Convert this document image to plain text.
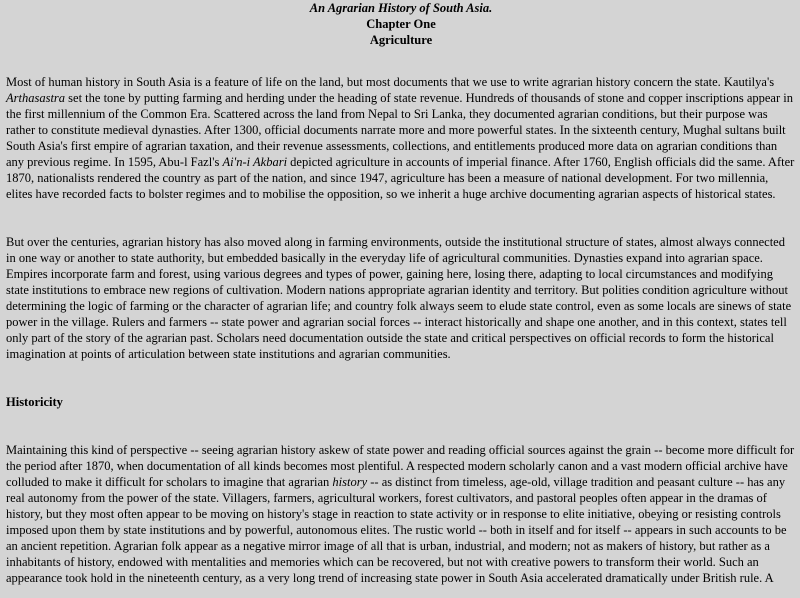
An Agrarian History of South Asia.
Chapter One
Agriculture

Most of human history in South Asia is a feature of life on the land, but most documents that we use to write agrarian history concern the state. Kautilya's Arthasastra set the tone by putting farming and herding under the heading of state revenue. Hundreds of thousands of stone and copper inscriptions appear in the first millennium of the Common Era. Scattered across the land from Nepal to Sri Lanka, they documented agrarian conditions, but their purpose was rather to constitute medieval dynasties. After 1300, official documents narrate more and more powerful states. In the sixteenth century, Mughal sultans built South Asia's first empire of agrarian taxation, and their revenue assessments, collections, and entitlements produced more data on agrarian conditions than any previous regime. In 1595, Abu-l Fazl's Ai'n-i Akbari depicted agriculture in accounts of imperial finance. After 1760, English officials did the same. After 1870, nationalists rendered the country as part of the nation, and since 1947, agriculture has been a measure of national development. For two millennia, elites have recorded facts to bolster regimes and to mobilise the opposition, so we inherit a huge archive documenting agrarian aspects of historical states.

But over the centuries, agrarian history has also moved along in farming environments, outside the institutional structure of states, almost always connected in one way or another to state authority, but embedded basically in the everyday life of agricultural communities. Dynasties expand into agrarian space. Empires incorporate farm and forest, using various degrees and types of power, gaining here, losing there, adapting to local circumstances and modifying state institutions to embrace new regions of cultivation. Modern nations appropriate agrarian identity and territory. But polities condition agriculture without determining the logic of farming or the character of agrarian life; and country folk always seem to elude state control, even as some locals are sinews of state power in the village. Rulers and farmers -- state power and agrarian social forces -- interact historically and shape one another, and in this context, states tell only part of the story of the agrarian past. Scholars need documentation outside the state and critical perspectives on official records to form the historical imagination at points of articulation between state institutions and agrarian communities.

Historicity

Maintaining this kind of perspective -- seeing agrarian history askew of state power and reading official sources against the grain -- become more difficult for the period after 1870, when documentation of all kinds becomes most plentiful. A respected modern scholarly canon and a vast modern official archive have colluded to make it difficult for scholars to imagine that agrarian history -- as distinct from timeless, age-old, village tradition and peasant culture -- has any real autonomy from the power of the state. Villagers, farmers, agricultural workers, forest cultivators, and pastoral peoples often appear in the dramas of history, but they most often appear to be moving on history's stage in reaction to state activity or in response to elite initiative, obeying or resisting controls imposed upon them by state institutions and by powerful, autonomous elites. The rustic world -- both in itself and for itself -- appears in such accounts to be an ancient repetition. Agrarian folk appear as a negative mirror image of all that is urban, industrial, and modern; not as makers of history, but rather as a inhabitants of history, endowed with mentalities and memories which can be recovered, but not with creative powers to transform their world. Such an appearance took hold in the nineteenth century, as a very long trend of increasing state power in South Asia accelerated dramatically under British rule. A
